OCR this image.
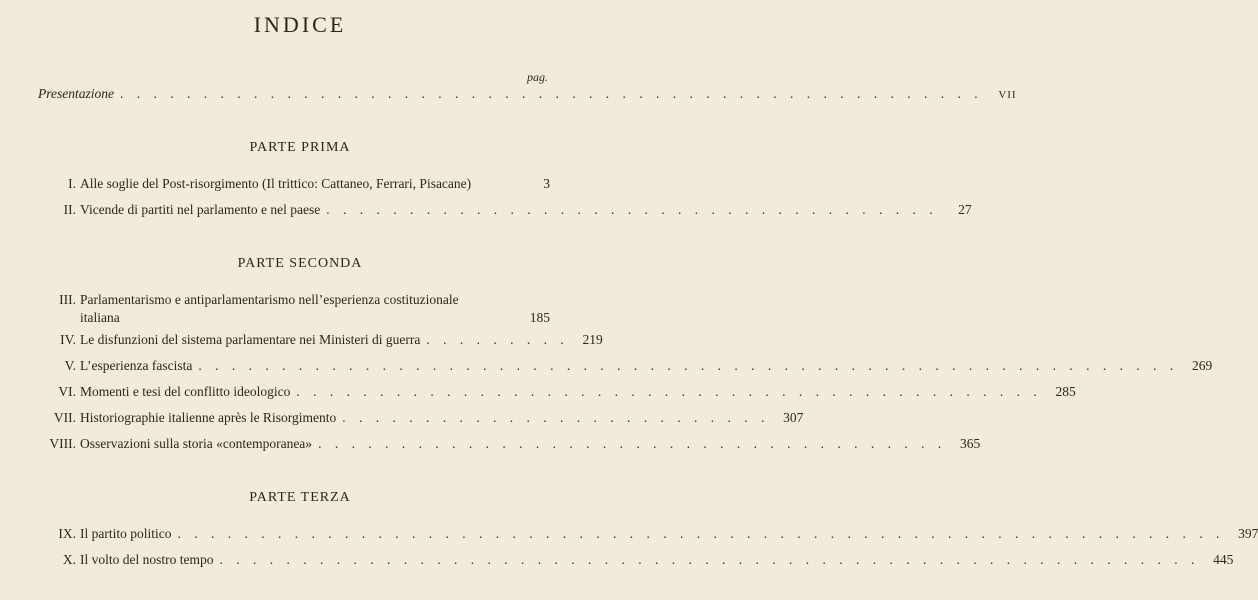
INDICE
pag.
Presentazione . . . . . . . . . . . . . . . . . . . . . . . . . . . . . . . . . . . . . . . . . . . . . . . . . . . .	VII
PARTE PRIMA
I. Alle soglie del Post-risorgimento (Il trittico: Cattaneo, Ferrari, Pisacane)	3
II. Vicende di partiti nel parlamento e nel paese . . . . . . . . . . . . . . . . . . . . . . . . . . . . . . . . . . . . .	27
PARTE SECONDA
III. Parlamentarismo e antiparlamentarismo nell’esperienza costituzionale
italiana	185
IV. Le disfunzioni del sistema parlamentare nei Ministeri di guerra . . . . . . . . .	219
V. L’esperienza fascista . . . . . . . . . . . . . . . . . . . . . . . . . . . . . . . . . . . . . . . . . . . . . . . . . . . . . . . . . . .	269
VI. Momenti e tesi del conflitto ideologico . . . . . . . . . . . . . . . . . . . . . . . . . . . . . . . . . . . . . . . . . . . . .	285
VII. Historiographie italienne après le Risorgimento . . . . . . . . . . . . . . . . . . . . . . . . . .	307
VIII. Osservazioni sulla storia «contemporanea» . . . . . . . . . . . . . . . . . . . . . . . . . . . . . . . . . . . . . .	365
PARTE TERZA
IX. Il partito politico . . . . . . . . . . . . . . . . . . . . . . . . . . . . . . . . . . . . . . . . . . . . . . . . . . . . . . . . . . . . . . .	397
X. Il volto del nostro tempo . . . . . . . . . . . . . . . . . . . . . . . . . . . . . . . . . . . . . . . . . . . . . . . . . . . . . . . . . . .	445
